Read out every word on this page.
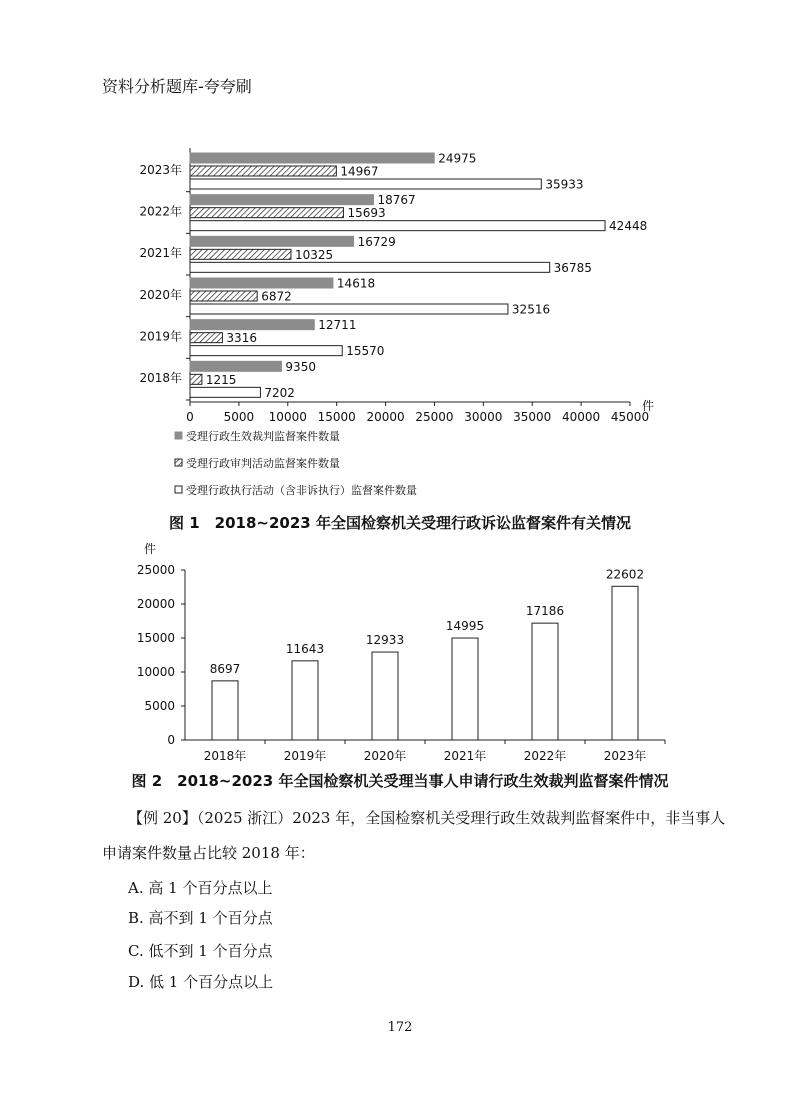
资料分析题库-夸夸刷
0 5000 10000 15000 20000 25000 30000 35000 40000 45000
件
2023年
2022年
2021年
2020年
2019年
2018年
24975
14967
35933
18767
15693
42448
16729
10325
36785
14618
6872
32516
12711
3316
15570
9350
1215
7202
受理行政生效裁判监督案件数量
受理行政审判活动监督案件数量
受理行政执行活动（含非诉执行）监督案件数量
图 1　2018~2023 年全国检察机关受理行政诉讼监督案件有关情况
件
0
5000
10000
15000
20000
25000
2018年	2019年	2020年	2021年	2022年	2023年
8697
11643
12933
14995
17186
22602
图 2　2018~2023 年全国检察机关受理当事人申请行政生效裁判监督案件情况
【例 20】（2025 浙江）2023 年，全国检察机关受理行政生效裁判监督案件中，非当事人
申请案件数量占比较 2018 年：
A. 高 1 个百分点以上
B. 高不到 1 个百分点
C. 低不到 1 个百分点
D. 低 1 个百分点以上
172
